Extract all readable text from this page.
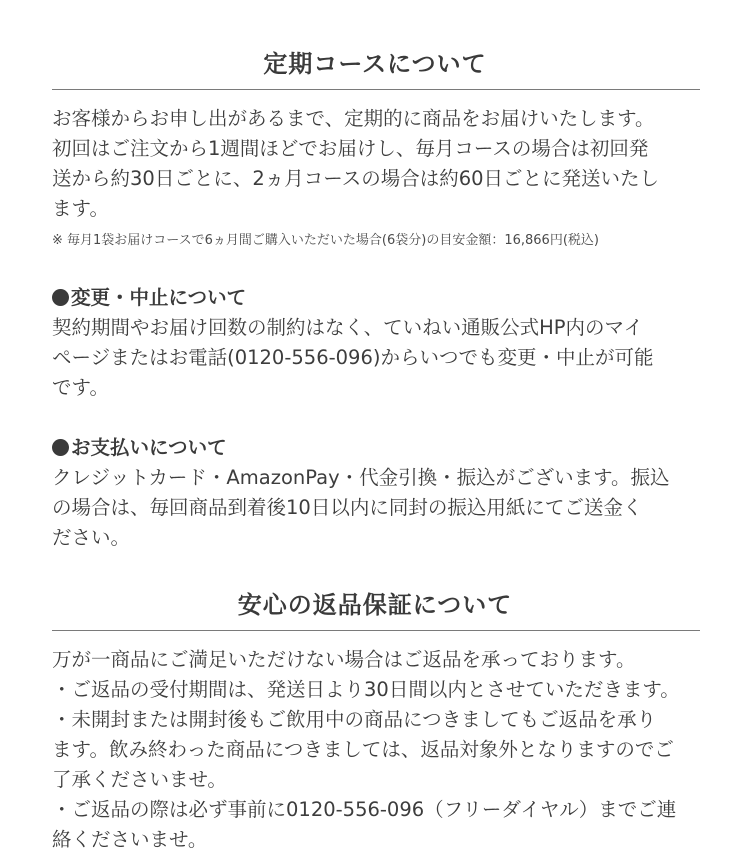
定期コースについて

お客様からお申し出があるまで、定期的に商品をお届けいたします。
初回はご注文から1週間ほどでお届けし、毎月コースの場合は初回発
送から約30日ごとに、2ヵ月コースの場合は約60日ごとに発送いたし
ます。

※ 毎月1袋お届けコースで6ヵ月間ご購入いただいた場合(6袋分)の目安金額：16,866円(税込)

変更・中止について

契約期間やお届け回数の制約はなく、ていねい通販公式HP内のマイ
ページまたはお電話(0120-556-096)からいつでも変更・中止が可能
です。

お支払いについて

クレジットカード・AmazonPay・代金引換・振込がございます。振込
の場合は、毎回商品到着後10日以内に同封の振込用紙にてご送金く
ださい。

安心の返品保証について

万が一商品にご満足いただけない場合はご返品を承っております。
・ご返品の受付期間は、発送日より30日間以内とさせていただきます。
・未開封または開封後もご飲用中の商品につきましてもご返品を承り
ます。飲み終わった商品につきましては、返品対象外となりますのでご
了承くださいませ。
・ご返品の際は必ず事前に0120-556-096（フリーダイヤル）までご連
絡くださいませ。
